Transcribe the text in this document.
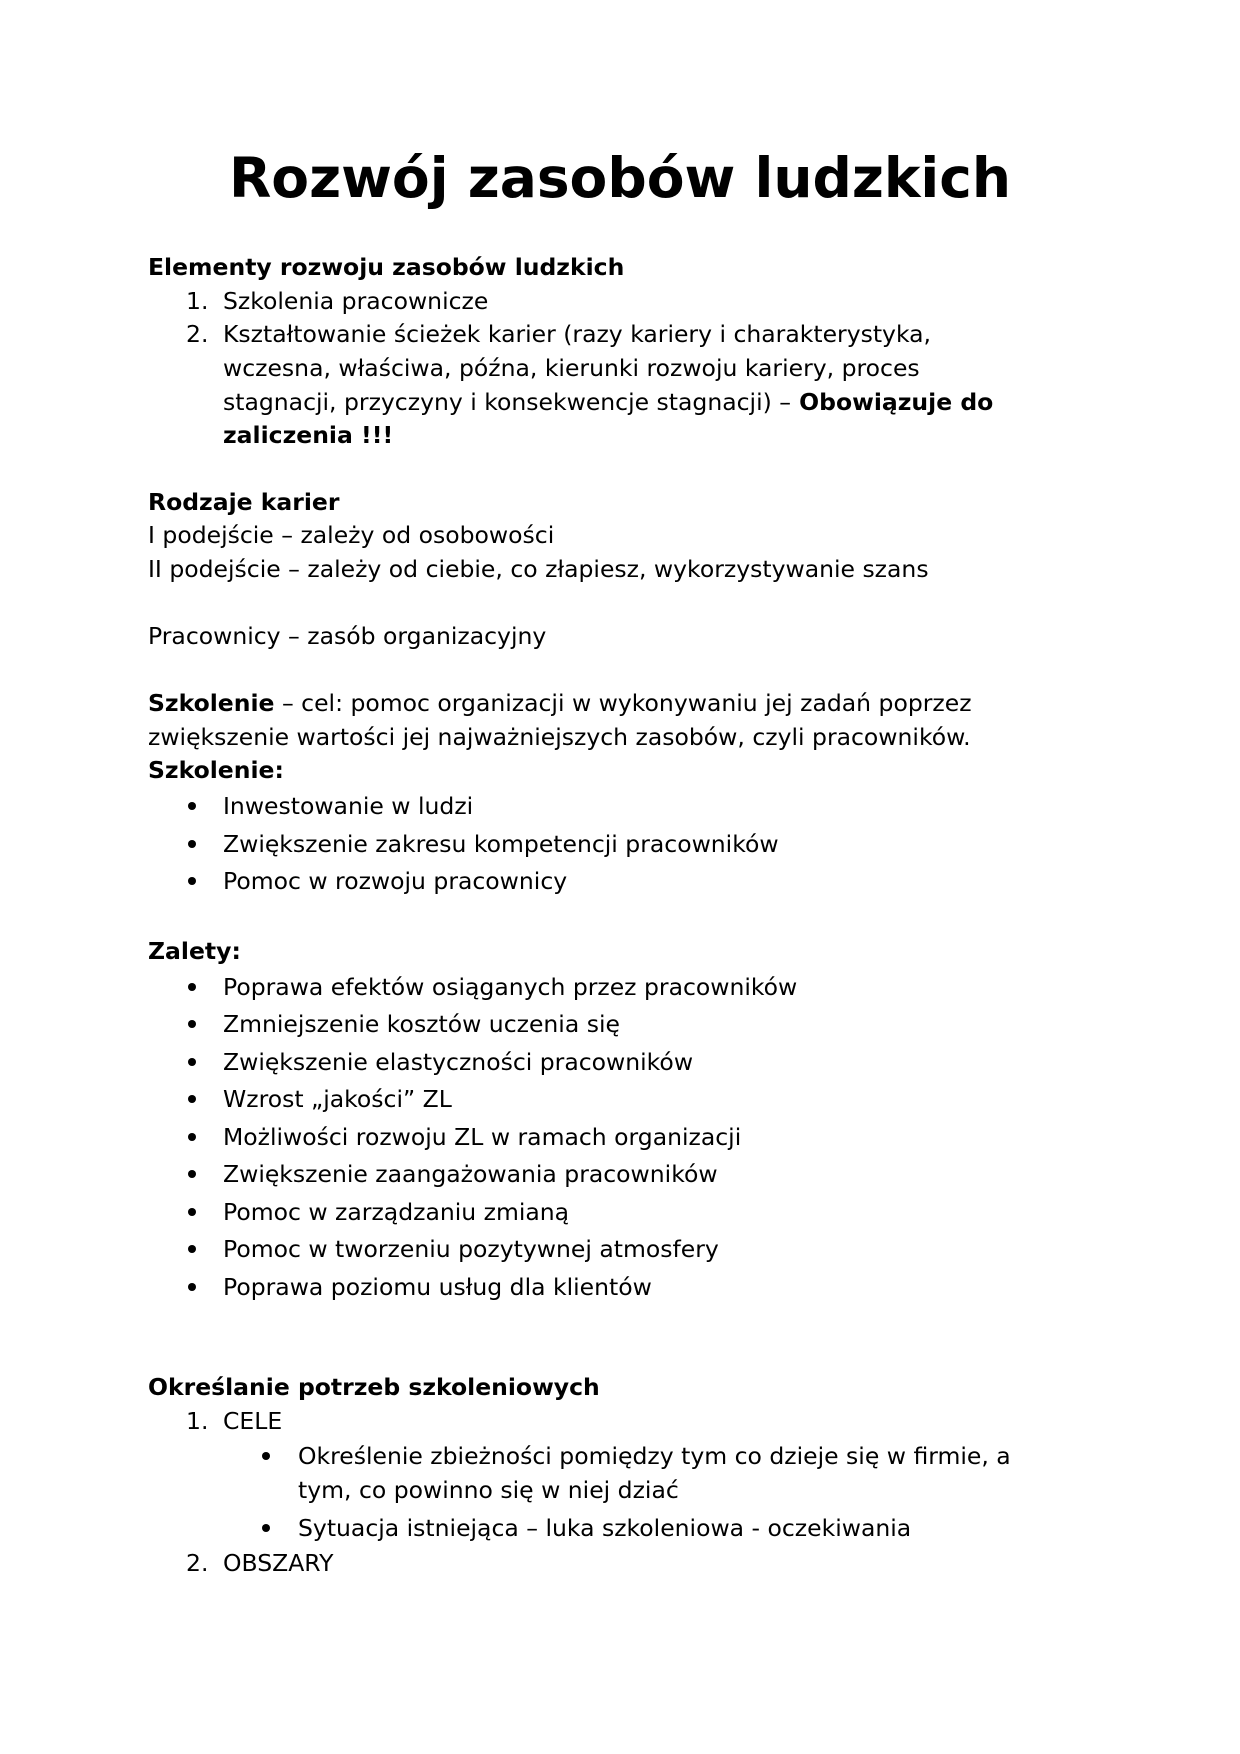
Rozwój zasobów ludzkich

Elementy rozwoju zasobów ludzkich

1. Szkolenia pracownicze

2. Kształtowanie ścieżek karier (razy kariery i charakterystyka,

wczesna, właściwa, późna, kierunki rozwoju kariery, proces

stagnacji, przyczyny i konsekwencje stagnacji) – Obowiązuje do

zaliczenia !!!

Rodzaje karier

I podejście – zależy od osobowości

II podejście – zależy od ciebie, co złapiesz, wykorzystywanie szans

Pracownicy – zasób organizacyjny

Szkolenie – cel: pomoc organizacji w wykonywaniu jej zadań poprzez

zwiększenie wartości jej najważniejszych zasobów, czyli pracowników.

Szkolenie:

Inwestowanie w ludzi

Zwiększenie zakresu kompetencji pracowników

Pomoc w rozwoju pracownicy

Zalety:

Poprawa efektów osiąganych przez pracowników

Zmniejszenie kosztów uczenia się

Zwiększenie elastyczności pracowników

Wzrost „jakości” ZL

Możliwości rozwoju ZL w ramach organizacji

Zwiększenie zaangażowania pracowników

Pomoc w zarządzaniu zmianą

Pomoc w tworzeniu pozytywnej atmosfery

Poprawa poziomu usług dla klientów

Określanie potrzeb szkoleniowych

1. CELE

Określenie zbieżności pomiędzy tym co dzieje się w firmie, a

tym, co powinno się w niej dziać

Sytuacja istniejąca – luka szkoleniowa - oczekiwania

2. OBSZARY
